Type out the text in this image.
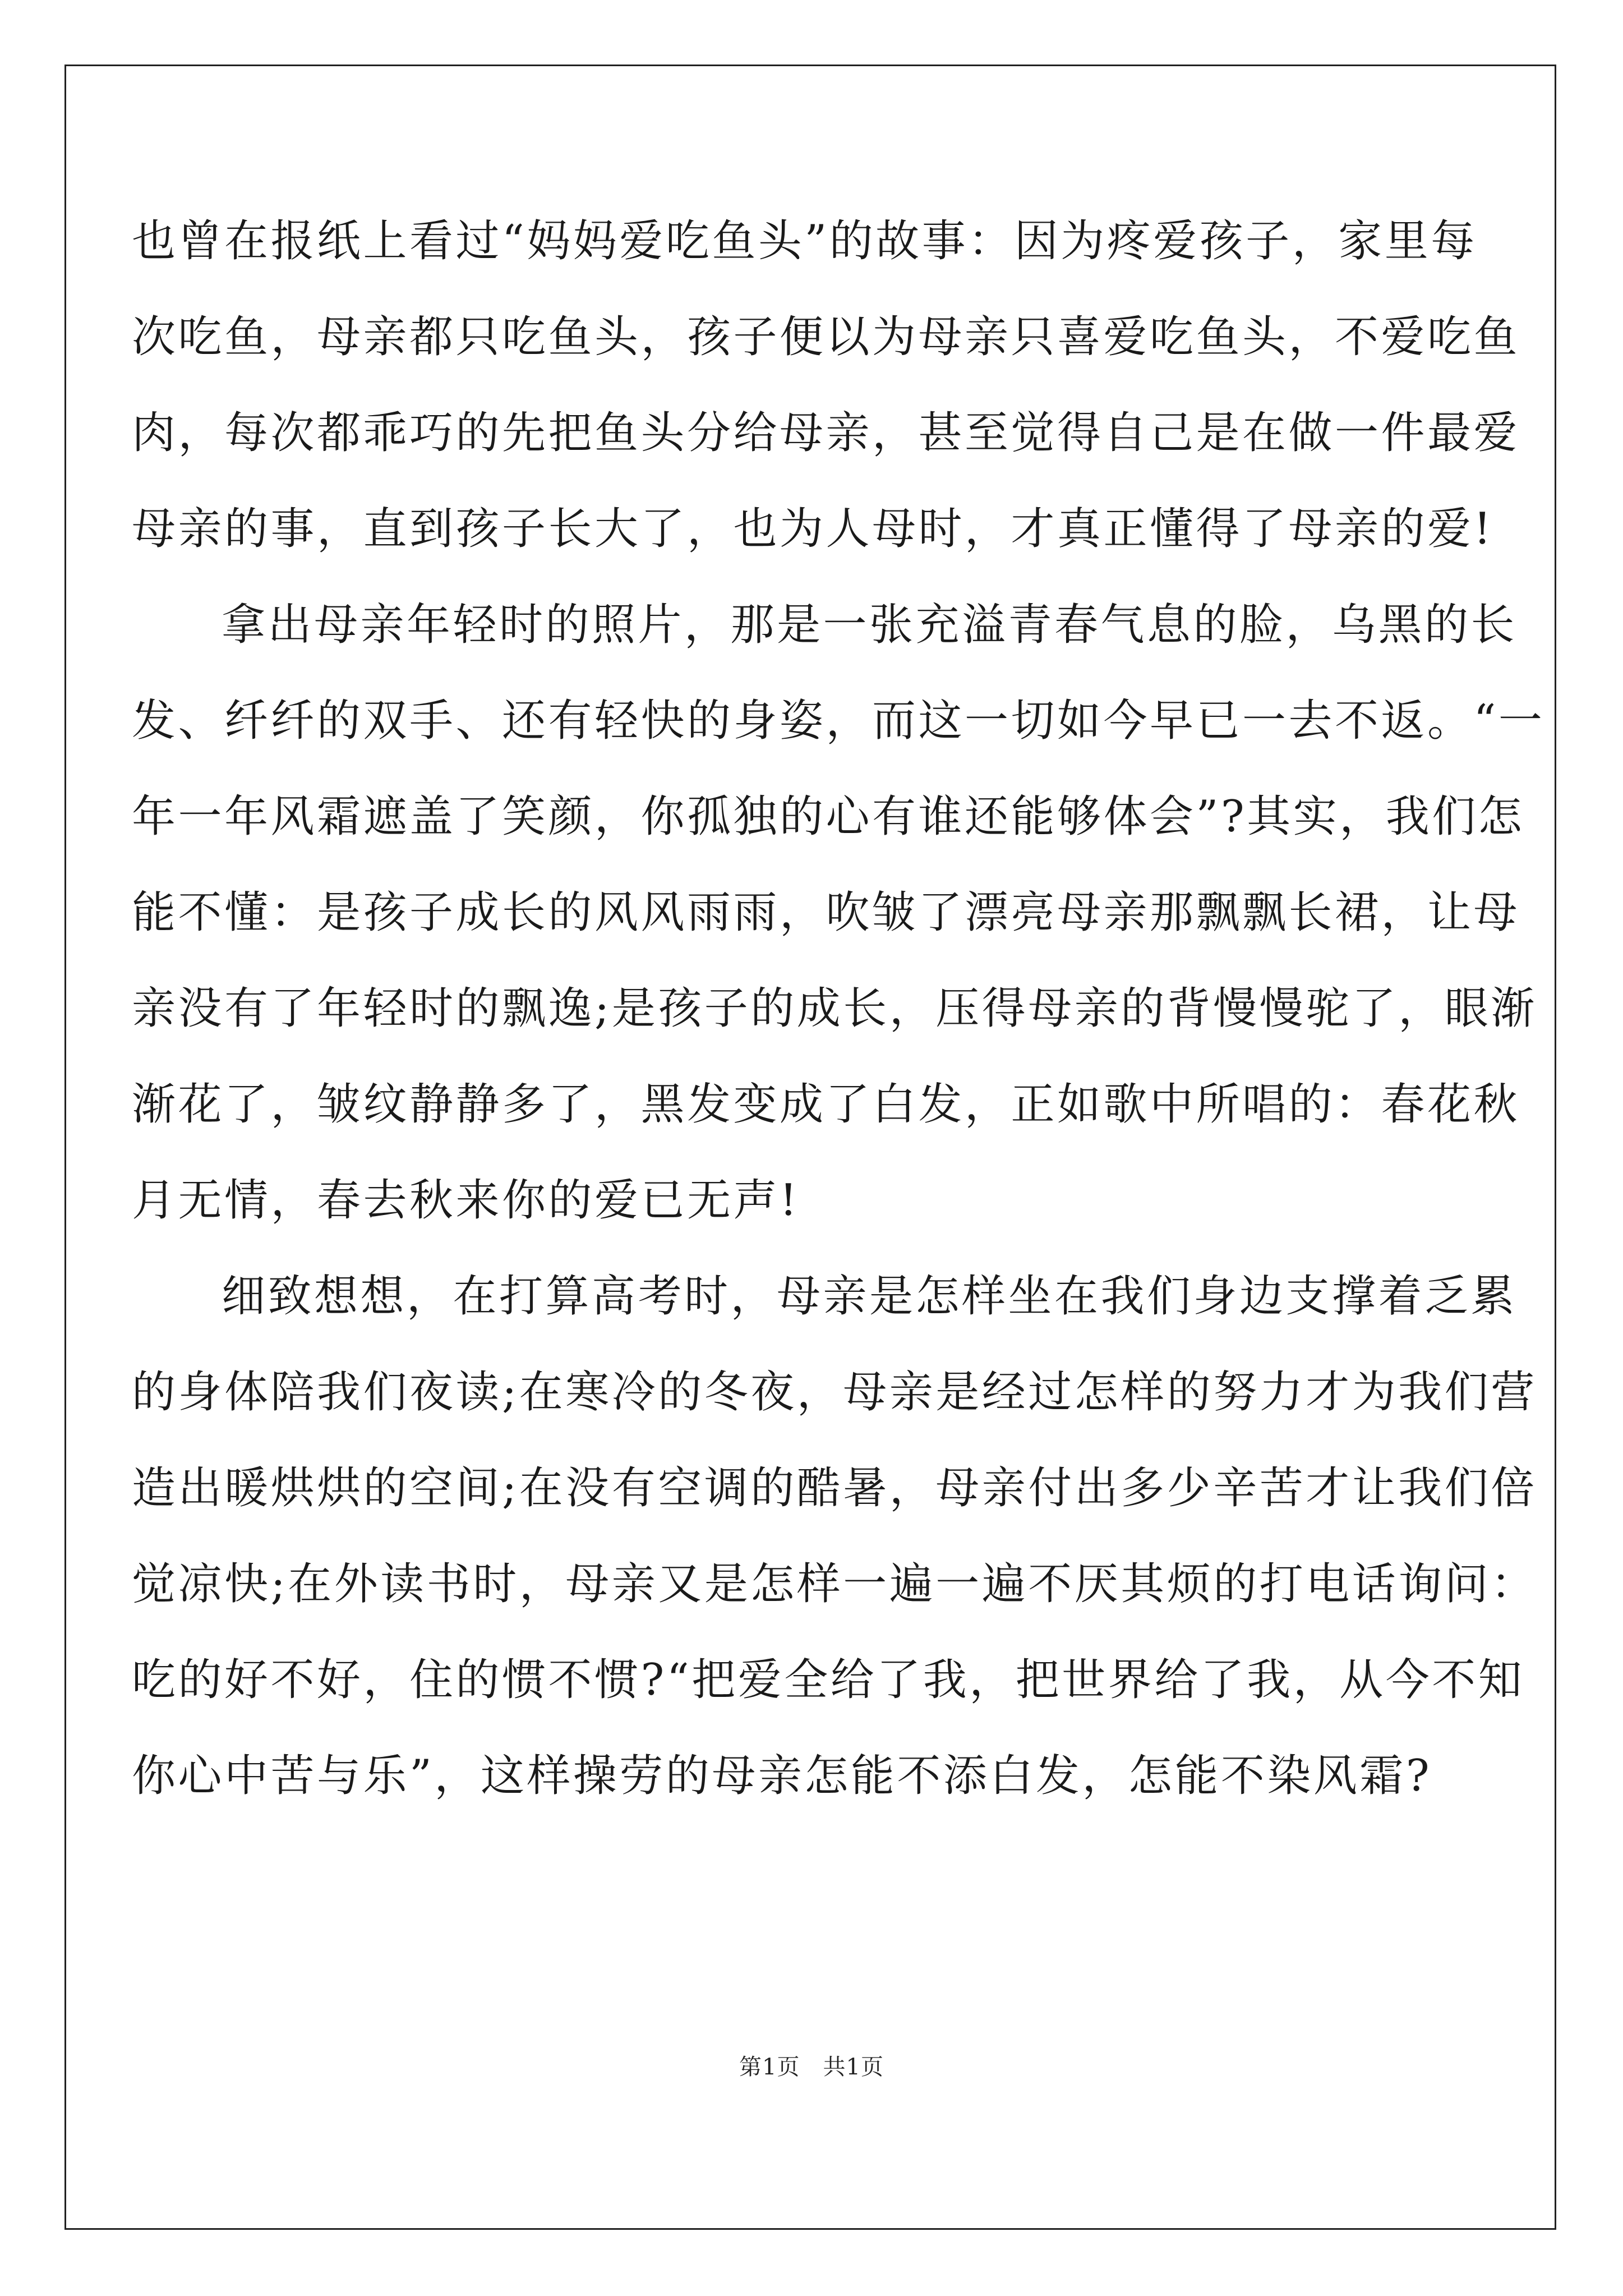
也曾在报纸上看过“妈妈爱吃鱼头”的故事：因为疼爱孩子，家里每
次吃鱼，母亲都只吃鱼头，孩子便以为母亲只喜爱吃鱼头，不爱吃鱼
肉，每次都乖巧的先把鱼头分给母亲，甚至觉得自己是在做一件最爱
母亲的事，直到孩子长大了，也为人母时，才真正懂得了母亲的爱!

拿出母亲年轻时的照片，那是一张充溢青春气息的脸，乌黑的长
发、纤纤的双手、还有轻快的身姿，而这一切如今早已一去不返。“一
年一年风霜遮盖了笑颜，你孤独的心有谁还能够体会”?其实，我们怎
能不懂：是孩子成长的风风雨雨，吹皱了漂亮母亲那飘飘长裙，让母
亲没有了年轻时的飘逸;是孩子的成长，压得母亲的背慢慢驼了，眼渐
渐花了，皱纹静静多了，黑发变成了白发，正如歌中所唱的：春花秋
月无情，春去秋来你的爱已无声!

细致想想，在打算高考时，母亲是怎样坐在我们身边支撑着乏累
的身体陪我们夜读;在寒冷的冬夜，母亲是经过怎样的努力才为我们营
造出暖烘烘的空间;在没有空调的酷暑，母亲付出多少辛苦才让我们倍
觉凉快;在外读书时，母亲又是怎样一遍一遍不厌其烦的打电话询问：
吃的好不好，住的惯不惯?“把爱全给了我，把世界给了我，从今不知
你心中苦与乐”，这样操劳的母亲怎能不添白发，怎能不染风霜?

第1页　共1页
